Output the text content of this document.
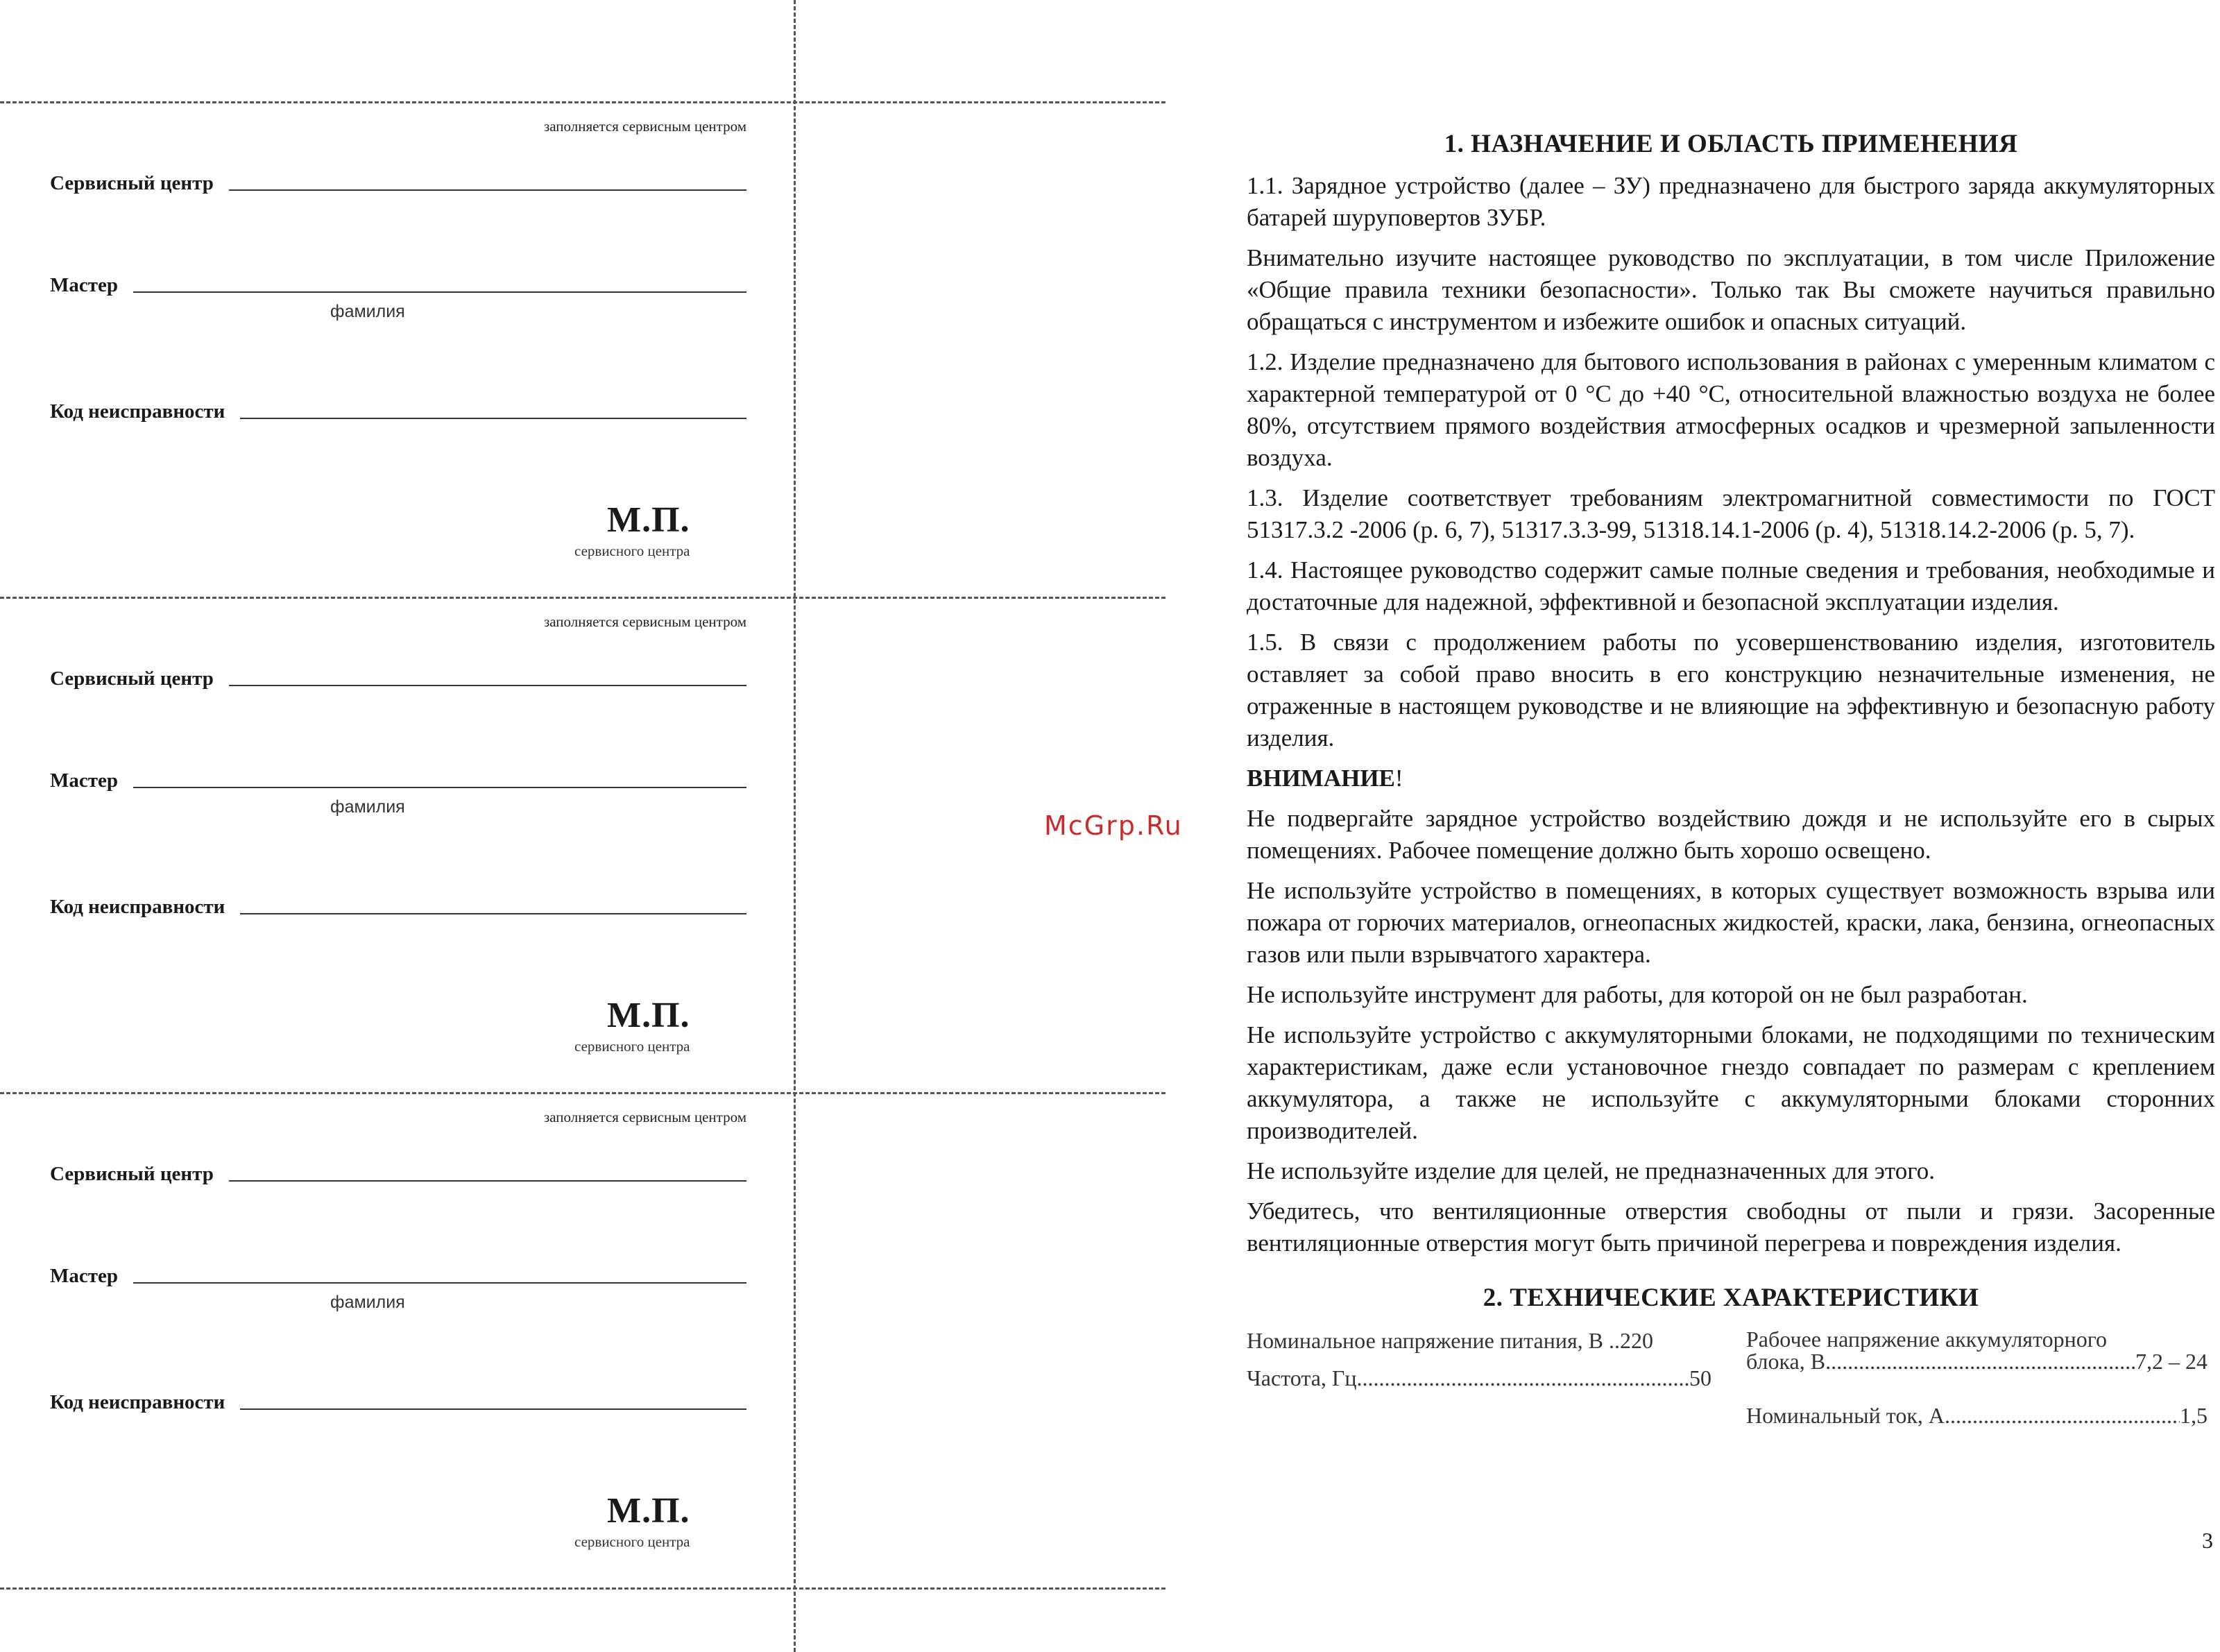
заполняется сервисным центром
Сервисный центр
Мастер
фамилия
Код неисправности
М.П.
сервисного центра
заполняется сервисным центром
Сервисный центр
Мастер
фамилия
Код неисправности
М.П.
сервисного центра
заполняется сервисным центром
Сервисный центр
Мастер
фамилия
Код неисправности
М.П.
сервисного центра
McGrp.Ru
1. НАЗНАЧЕНИЕ И ОБЛАСТЬ ПРИМЕНЕНИЯ

1.1. Зарядное устройство (далее – ЗУ) предназначено для быстрого заряда аккумуляторных батарей шуруповертов ЗУБР.

Внимательно изучите настоящее руководство по эксплуатации, в том числе Приложение «Общие правила техники безопасности». Только так Вы сможете научиться правильно обращаться с инструментом и избежите ошибок и опасных ситуаций.

1.2. Изделие предназначено для бытового использования в районах с умеренным климатом с характерной температурой от 0 °С до +40 °С, относительной влажностью воздуха не более 80%, отсутствием прямого воздействия атмосферных осадков и чрезмерной запыленности воздуха.

1.3. Изделие соответствует требованиям электромагнитной совместимости по ГОСТ 51317.3.2 -2006 (р. 6, 7), 51317.3.3-99, 51318.14.1-2006 (р. 4), 51318.14.2-2006 (р. 5, 7).

1.4. Настоящее руководство содержит самые полные сведения и требования, необходимые и достаточные для надежной, эффективной и безопасной эксплуатации изделия.

1.5. В связи с продолжением работы по усовершенствованию изделия, изготовитель оставляет за собой право вносить в его конструкцию незначительные изменения, не отраженные в настоящем руководстве и не влияющие на эффективную и безопасную работу изделия.

ВНИМАНИЕ!

Не подвергайте зарядное устройство воздействию дождя и не используйте его в сырых помещениях. Рабочее помещение должно быть хорошо освещено.

Не используйте устройство в помещениях, в которых существует возможность взрыва или пожара от горючих материалов, огнеопасных жидкостей, краски, лака, бензина, огнеопасных газов или пыли взрывчатого характера.

Не используйте инструмент для работы, для которой он не был разработан.

Не используйте устройство с аккумуляторными блоками, не подходящими по техническим характеристикам, даже если установочное гнездо совпадает по размерам с креплением аккумулятора, а также не используйте с аккумуляторными блоками сторонних производителей.

Не используйте изделие для целей, не предназначенных для этого.

Убедитесь, что вентиляционные отверстия свободны от пыли и грязи. Засоренные вентиляционные отверстия могут быть причиной перегрева и повреждения изделия.

2. ТЕХНИЧЕСКИЕ ХАРАКТЕРИСТИКИ
Номинальное напряжение питания, В .. 220
Частота, Гц .....	50
Рабочее напряжение аккумуляторного
блока, В .....	7,2 – 24
Номинальный ток, А .....	1,5
3
